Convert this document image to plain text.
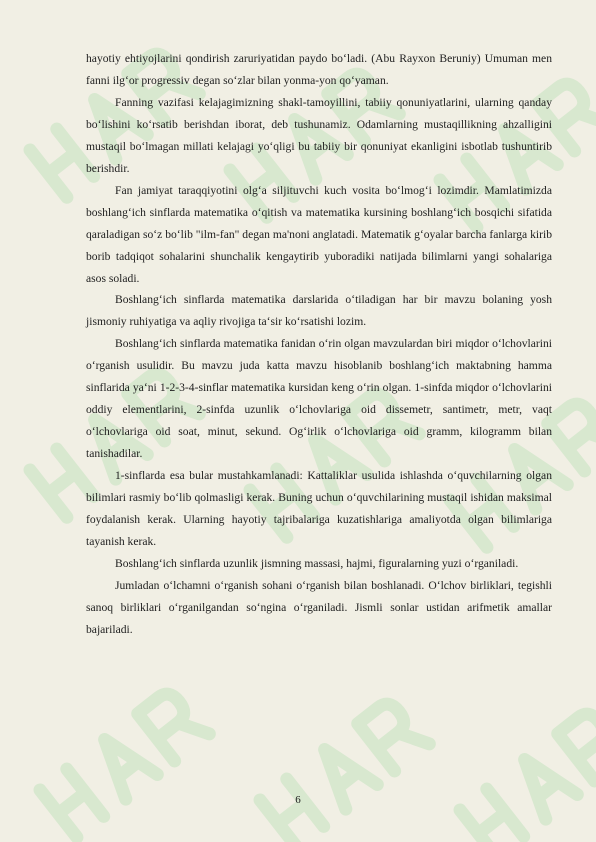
hayotiy ehtiyojlarini qondirish zaruriyatidan paydo boʻladi. (Abu Rayxon Beruniy) Umuman men fanni ilgʻor progressiv degan soʻzlar bilan yonma-yon qoʻyaman.

Fanning vazifasi kelajagimizning shakl-tamoyillini, tabiiy qonuniyatlarini, ularning qanday boʻlishini koʻrsatib berishdan iborat, deb tushunamiz. Odamlarning mustaqillikning ahzalligini mustaqil boʻlmagan millati kelajagi yoʻqligi bu tabiiy bir qonuniyat ekanligini isbotlab tushuntirib berishdir.

Fan jamiyat taraqqiyotini olgʻa siljituvchi kuch vosita boʻlmogʻi lozimdir. Mamlatimizda boshlangʻich sinflarda matematika oʻqitish va matematika kursining boshlangʻich bosqichi sifatida qaraladigan soʻz boʻlib "ilm-fan" degan ma'noni anglatadi. Matematik gʻoyalar barcha fanlarga kirib borib tadqiqot sohalarini shunchalik kengaytirib yuboradiki natijada bilimlarni yangi sohalariga asos soladi.

Boshlangʻich sinflarda matematika darslarida oʻtiladigan har bir mavzu bolaning yosh jismoniy ruhiyatiga va aqliy rivojiga taʻsir koʻrsatishi lozim.

Boshlangʻich sinflarda matematika fanidan oʻrin olgan mavzulardan biri miqdor oʻlchovlarini oʻrganish usulidir. Bu mavzu juda katta mavzu hisoblanib boshlangʻich maktabning hamma sinflarida yaʻni 1-2-3-4-sinflar matematika kursidan keng oʻrin olgan. 1-sinfda miqdor oʻlchovlarini oddiy elementlarini, 2-sinfda uzunlik oʻlchovlariga oid dissemetr, santimetr, metr, vaqt oʻlchovlariga oid soat, minut, sekund. Ogʻirlik oʻlchovlariga oid gramm, kilogramm bilan tanishadilar.

1-sinflarda esa bular mustahkamlanadi: Kattaliklar usulida ishlashda oʻquvchilarning olgan bilimlari rasmiy boʻlib qolmasligi kerak. Buning uchun oʻquvchilarining mustaqil ishidan maksimal foydalanish kerak. Ularning hayotiy tajribalariga kuzatishlariga amaliyotda olgan bilimlariga tayanish kerak.

Boshlangʻich sinflarda uzunlik jismning massasi, hajmi, figuralarning yuzi oʻrganiladi.

Jumladan oʻlchamni oʻrganish sohani oʻrganish bilan boshlanadi. Oʻlchov birliklari, tegishli sanoq birliklari oʻrganilgandan soʻngina oʻrganiladi. Jismli sonlar ustidan arifmetik amallar bajariladi.

6
